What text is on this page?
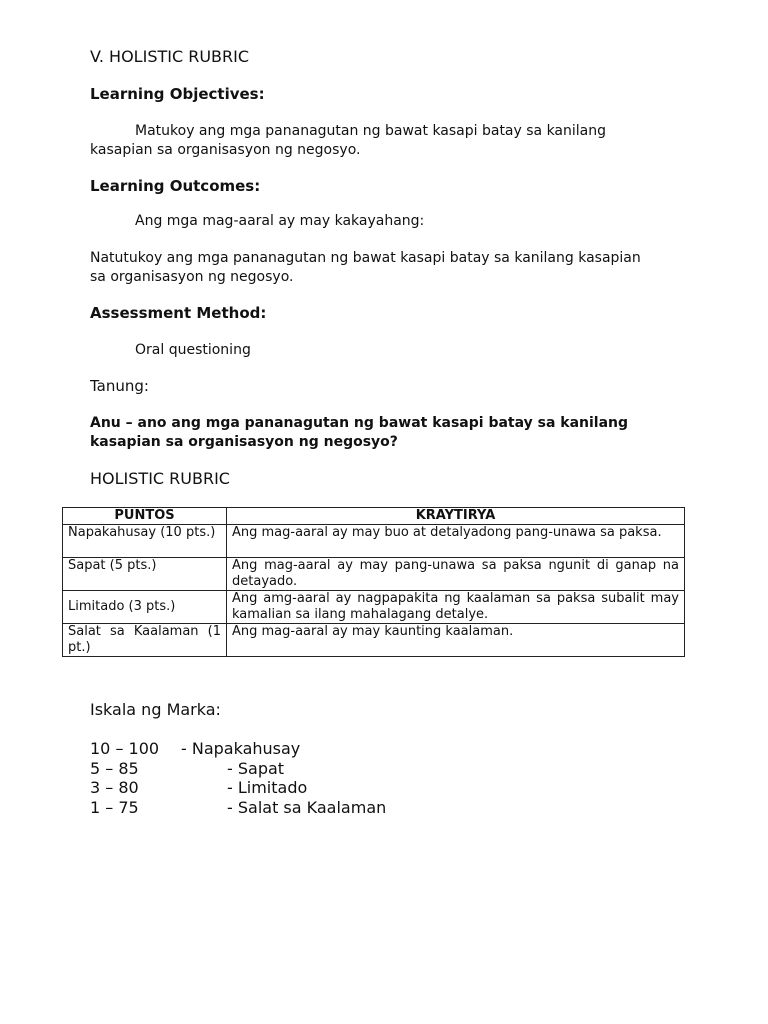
V. HOLISTIC RUBRIC
Learning Objectives:
Matukoy ang mga pananagutan ng bawat kasapi batay sa kanilang kasapian sa organisasyon ng negosyo.
Learning Outcomes:
Ang mga mag-aaral ay may kakayahang:
Natutukoy ang mga pananagutan ng bawat kasapi batay sa kanilang kasapian sa organisasyon ng negosyo.
Assessment Method:
Oral questioning
Tanung:
Anu – ano ang mga pananagutan ng bawat kasapi batay sa kanilang kasapian sa organisasyon ng negosyo?
HOLISTIC RUBRIC
PUNTOS	KRAYTIRYA
Napakahusay (10 pts.)	Ang mag-aaral ay may buo at detalyadong pang-unawa sa paksa.
Sapat (5 pts.)	Ang mag-aaral ay may pang-unawa sa paksa ngunit di ganap na detayado.
Limitado (3 pts.)	Ang amg-aaral ay nagpapakita ng kaalaman sa paksa subalit may kamalian sa ilang mahalagang detalye.
Salat sa Kaalaman (1 pt.)	Ang mag-aaral ay may kaunting kaalaman.
Iskala ng Marka:
10 – 100 - Napakahusay
5 – 85	- Sapat
3 – 80	- Limitado
1 – 75	- Salat sa Kaalaman
